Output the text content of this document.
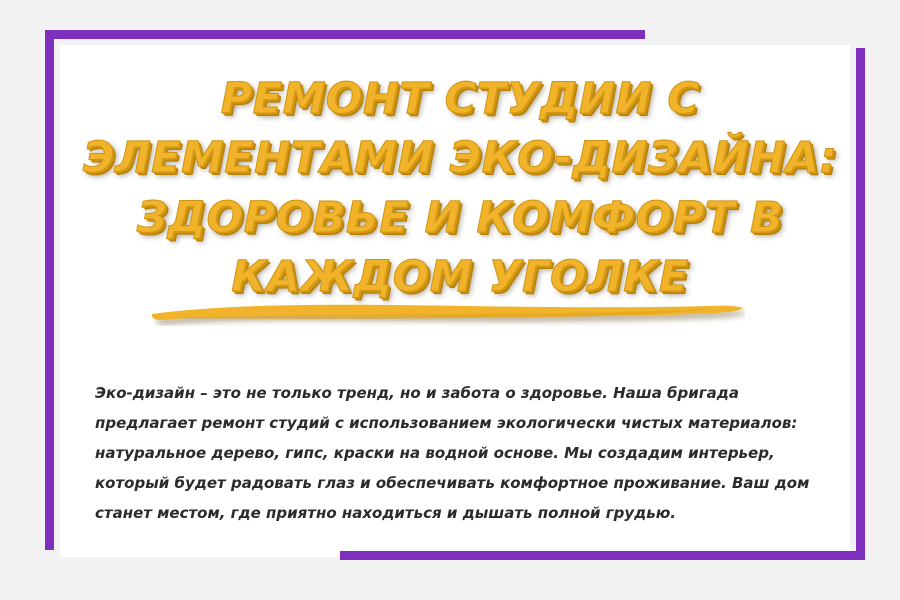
РЕМОНТ СТУДИИ С ЭЛЕМЕНТАМИ ЭКО-ДИЗАЙНА: ЗДОРОВЬЕ И КОМФОРТ В КАЖДОМ УГОЛКЕ

Эко-дизайн – это не только тренд, но и забота о здоровье. Наша бригада предлагает ремонт студий с использованием экологически чистых материалов: натуральное дерево, гипс, краски на водной основе. Мы создадим интерьер, который будет радовать глаз и обеспечивать комфортное проживание. Ваш дом станет местом, где приятно находиться и дышать полной грудью.
